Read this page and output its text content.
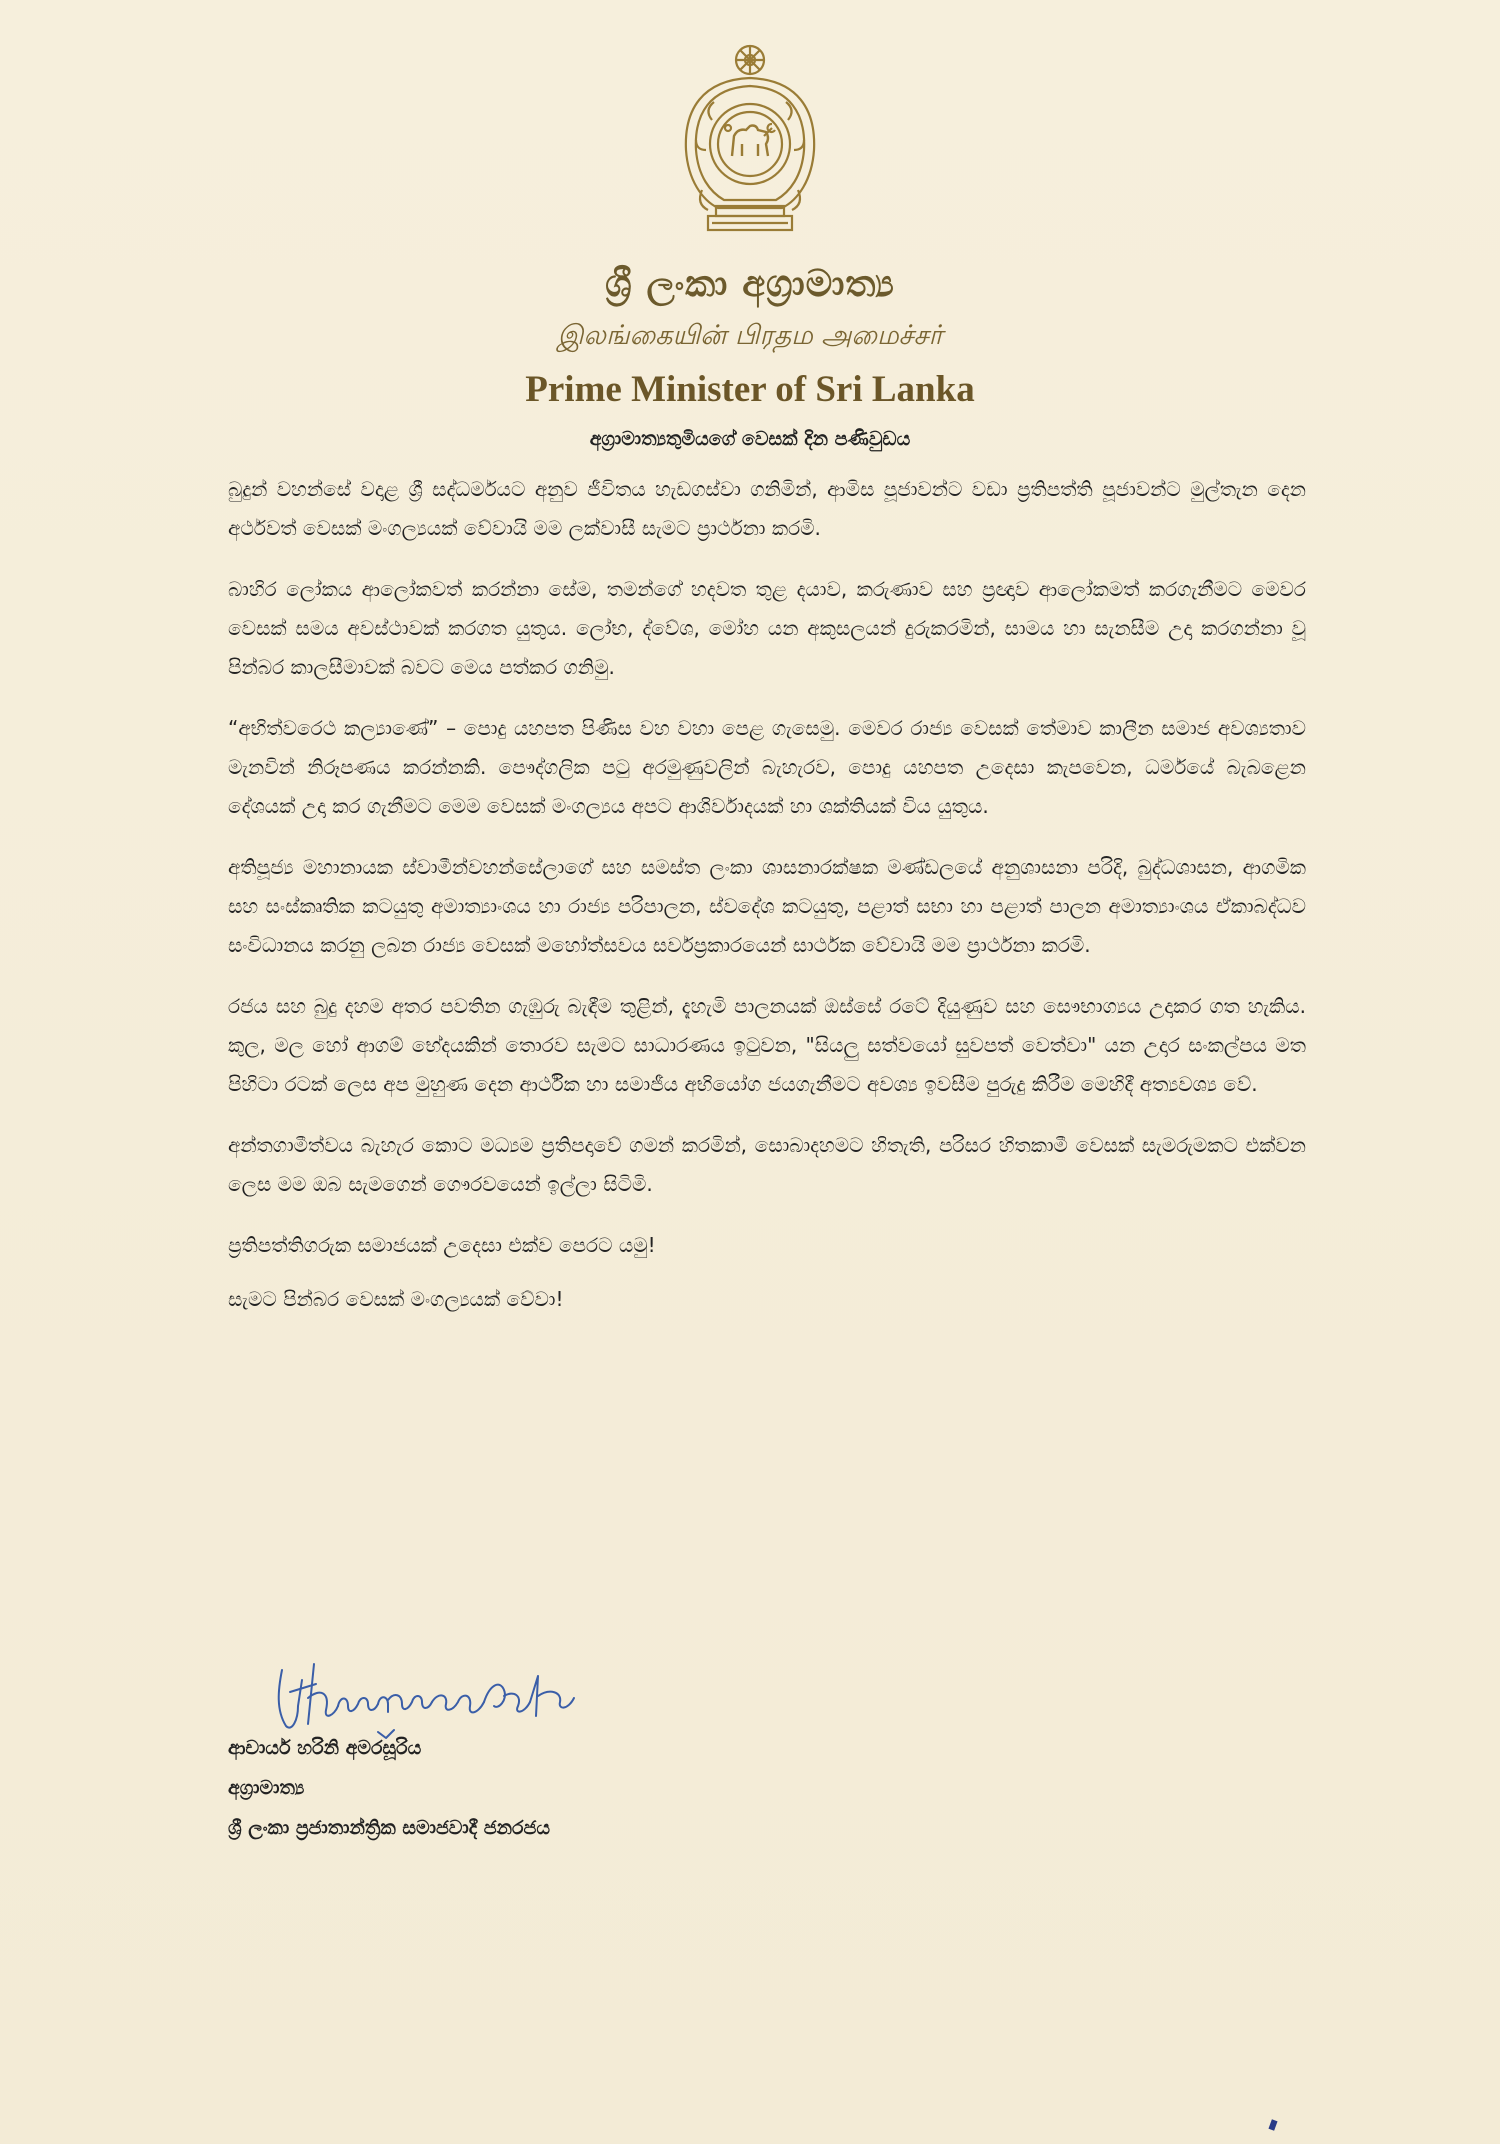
ශ්‍රී ලංකා අග්‍රාමාත්‍ය
இலங்கையின் பிரதம அமைச்சர்
Prime Minister of Sri Lanka
අග්‍රාමාත්‍යතුමියගේ වෙසක් දින පණිවුඩය

බුදුන් වහන්සේ වදාළ ශ්‍රී සද්ධර්මයට අනුව ජීවිතය හැඩගස්වා ගනිමින්, ආමිස පූජාවන්ට වඩා ප්‍රතිපත්ති පූජාවන්ට මුල්තැන දෙන අර්ථවත් වෙසක් මංගල්‍යයක් වේවායි මම ලක්වාසී සැමට ප්‍රාර්ථනා කරමි.

බාහිර ලෝකය ආලෝකවත් කරන්නා සේම, තමන්ගේ හදවත තුළ දයාව, කරුණාව සහ ප්‍රඥාව ආලෝකමත් කරගැනීමට මෙවර වෙසක් සමය අවස්ථාවක් කරගත යුතුය. ලෝභ, ද්වේශ, මෝහ යන අකුසලයන් දුරුකරමින්, සාමය හා සැනසීම උදා කරගන්නා වූ පින්බර කාලසීමාවක් බවට මෙය පත්කර ගනිමු.

“අභිත්වරෙථ කල්‍යාණේ” – පොදු යහපත පිණිස වහ වහා පෙළ ගැසෙමු. මෙවර රාජ්‍ය වෙසක් තේමාව කාලීන සමාජ අවශ්‍යතාව මැනවින් නිරූපණය කරන්නකි. පෞද්ගලික පටු අරමුණුවලින් බැහැරව, පොදු යහපත උදෙසා කැපවෙන, ධර්මයේ බැබළෙන දේශයක් උදා කර ගැනීමට මෙම වෙසක් මංගල්‍යය අපට ආශිර්වාදයක් හා ශක්තියක් විය යුතුය.

අතිපූජ්‍ය මහානායක ස්වාමීන්වහන්සේලාගේ සහ සමස්ත ලංකා ශාසනාරක්ෂක මණ්ඩලයේ අනුශාසනා පරිදි, බුද්ධශාසන, ආගමික සහ සංස්කෘතික කටයුතු අමාත්‍යාංශය හා රාජ්‍ය පරිපාලන, ස්වදේශ කටයුතු, පළාත් සභා හා පළාත් පාලන අමාත්‍යාංශය ඒකාබද්ධව සංවිධානය කරනු ලබන රාජ්‍ය වෙසක් මහෝත්සවය සර්වප්‍රකාරයෙන් සාර්ථක වේවායි මම ප්‍රාර්ථනා කරමි.

රජය සහ බුදු දහම අතර පවතින ගැඹුරු බැඳීම තුළින්, දැහැමි පාලනයක් ඔස්සේ රටේ දියුණුව සහ සෞභාග්‍යය උදාකර ගත හැකිය. කුල, මල හෝ ආගම් භේදයකින් තොරව සැමට සාධාරණය ඉටුවන, "සියලු සත්වයෝ සුවපත් වෙත්වා" යන උදාර සංකල්පය මත පිහිටා රටක් ලෙස අප මුහුණ දෙන ආර්ථික හා සමාජීය අභියෝග ජයගැනීමට අවශ්‍ය ඉවසීම පුරුදු කිරීම මෙහිදී අත්‍යවශ්‍ය වේ.

අන්තගාමීත්වය බැහැර කොට මධ්‍යම ප්‍රතිපදාවේ ගමන් කරමින්, සොබාදහමට හිතැති, පරිසර හිතකාමී වෙසක් සැමරුමකට එක්වන ලෙස මම ඔබ සැමගෙන් ගෞරවයෙන් ඉල්ලා සිටිමි.

ප්‍රතිපත්තිගරුක සමාජයක් උදෙසා එක්ව පෙරට යමු!

සැමට පින්බර වෙසක් මංගල්‍යයක් වේවා!

ආචාර්ය හරිනි අමරසූරිය
අග්‍රාමාත්‍ය
ශ්‍රී ලංකා ප්‍රජාතාන්ත්‍රික සමාජවාදී ජනරජය
